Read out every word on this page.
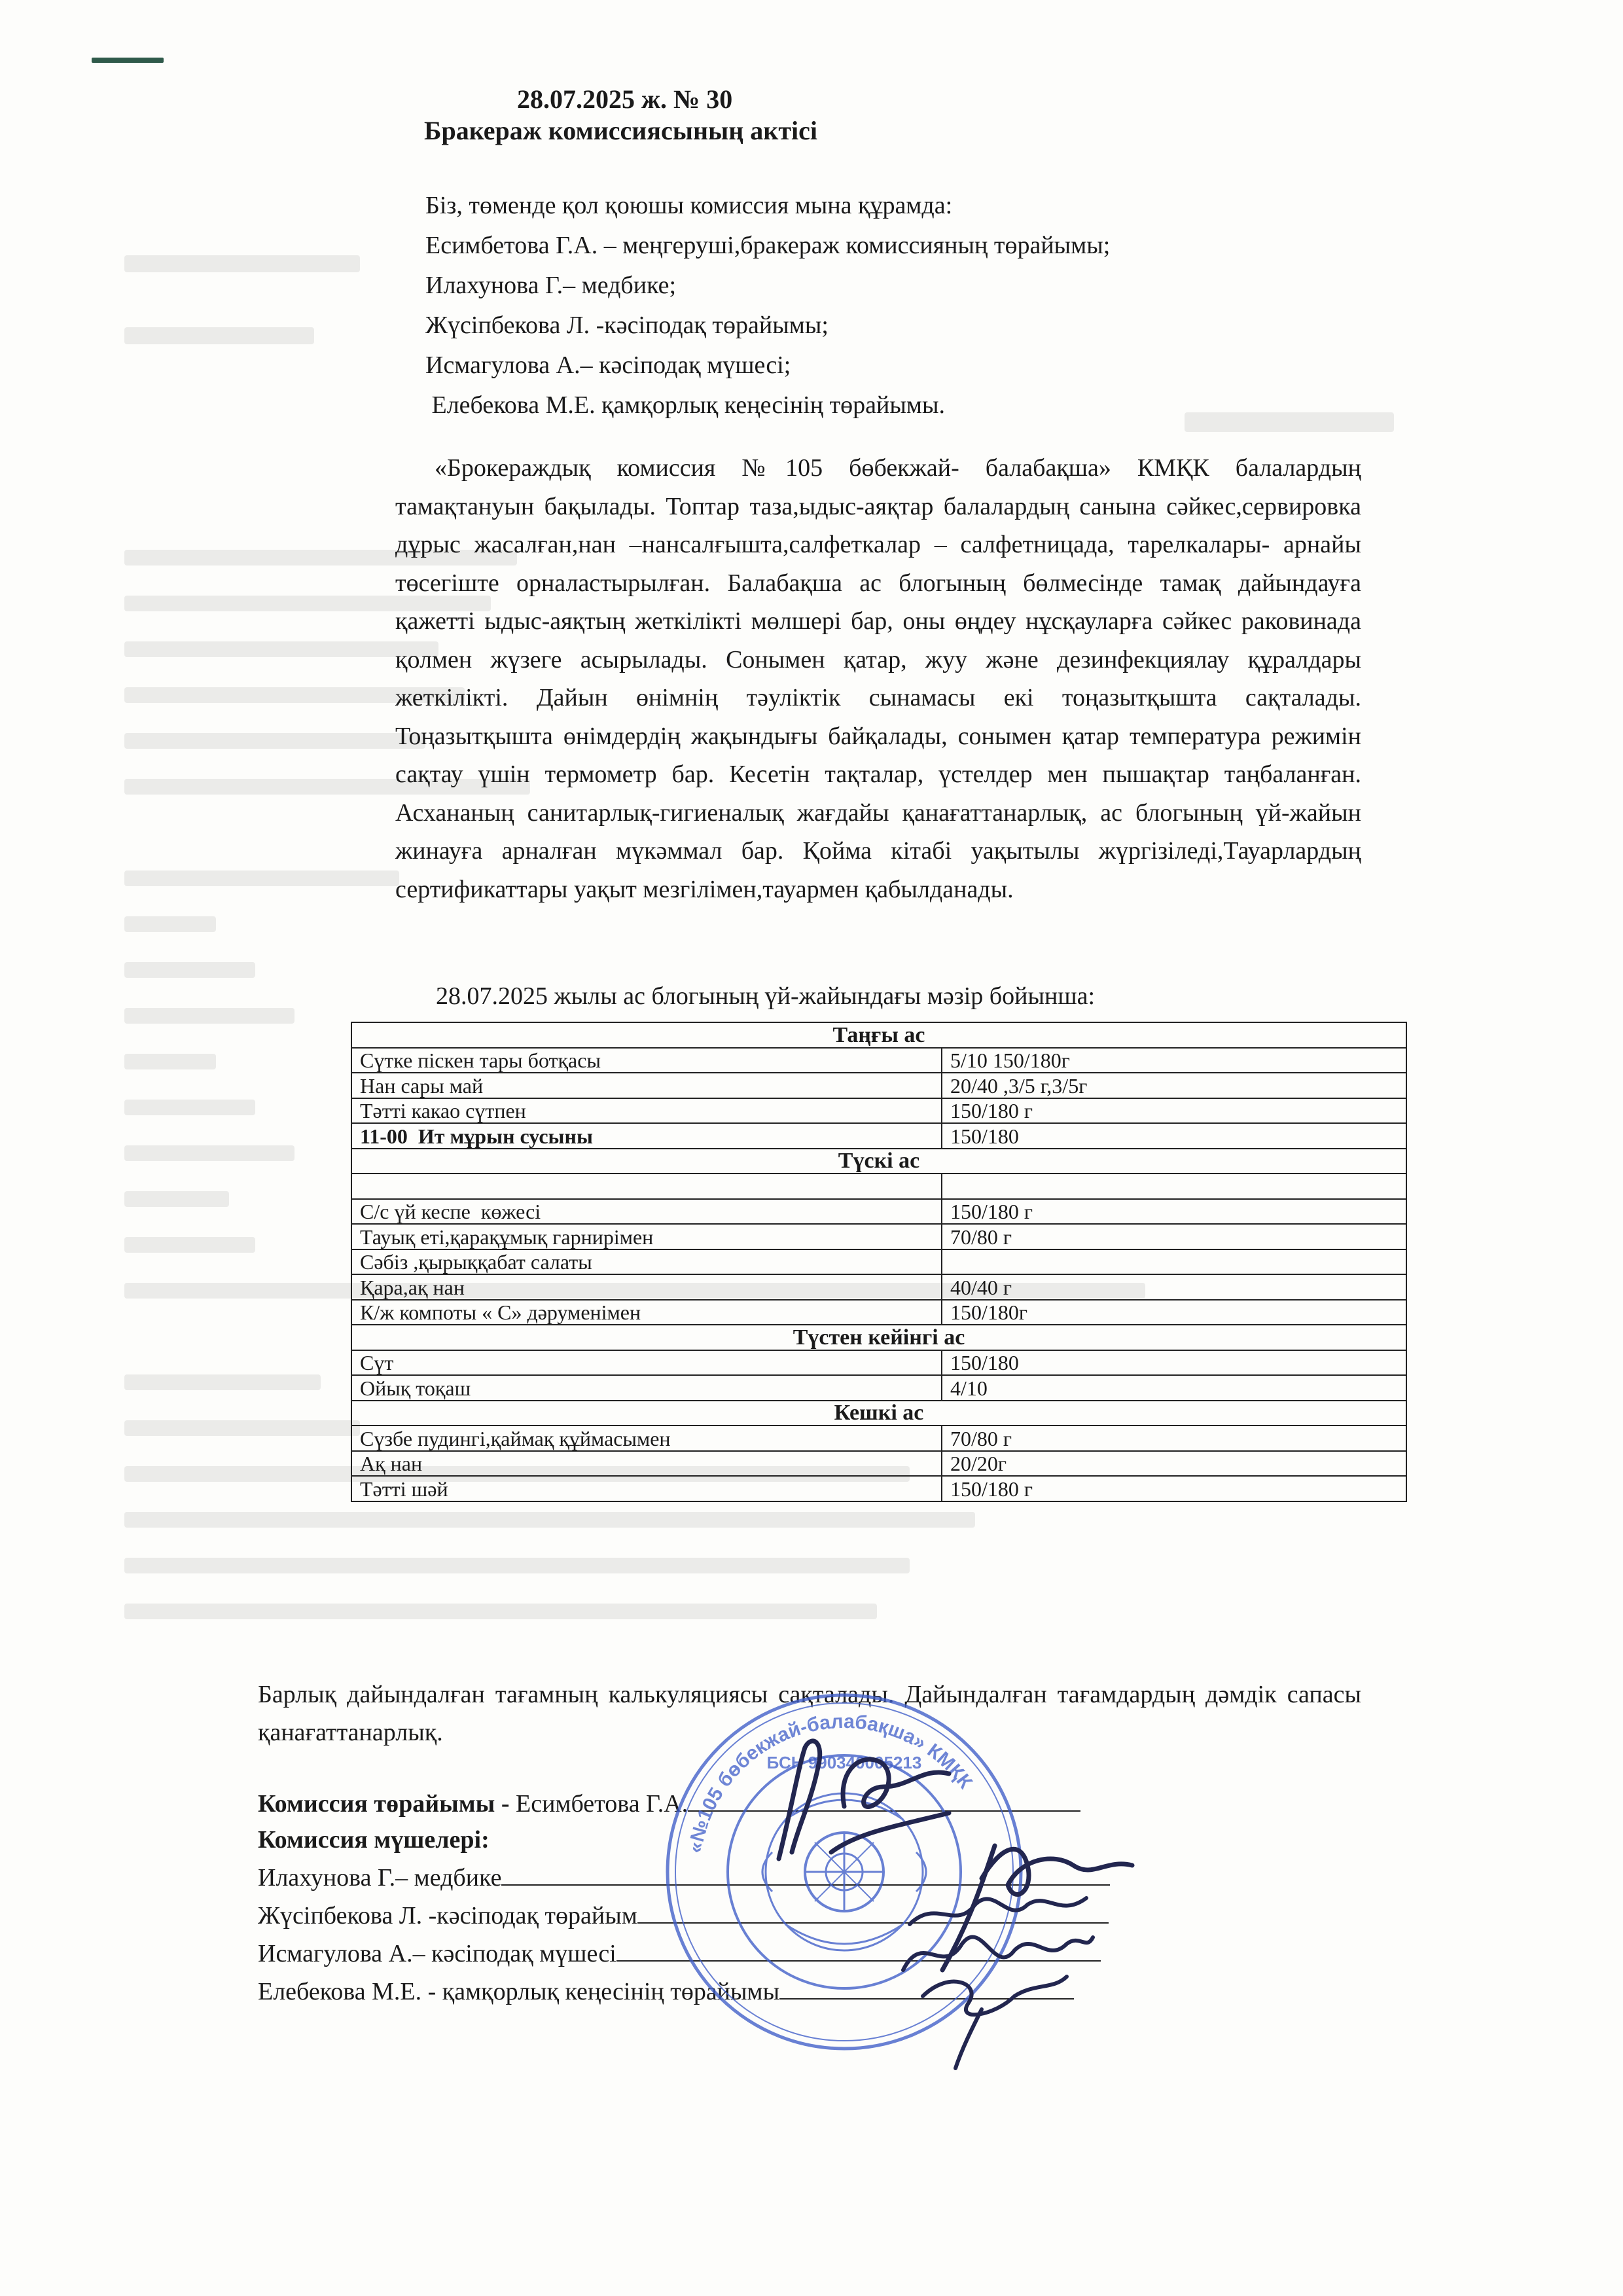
28.07.2025 ж. № 30
Бракераж комиссиясының актісі
Біз, төменде қол қоюшы комиссия мына құрамда:
Есимбетова Г.А. – меңгеруші,бракераж комиссияның төрайымы;
Илахунова Г.– медбике;
Жүсіпбекова Л. -кәсіподақ төрайымы;
Исмагулова А.– кәсіподақ мүшесі;
Елебекова М.Е. қамқорлық кеңесінің төрайымы.
«Брокераждық комиссия №105 бөбекжай- балабақша» КМҚК балалардың тамақтануын бақылады. Топтар таза,ыдыс-аяқтар балалардың санына сәйкес,сервировка дұрыс жасалған,нан –нансалғышта,салфеткалар – салфетницада, тарелкалары- арнайы төсегіште орналастырылған. Балабақша ас блогының бөлмесінде тамақ дайындауға қажетті ыдыс-аяқтың жеткілікті мөлшері бар, оны өңдеу нұсқауларға сәйкес раковинада қолмен жүзеге асырылады. Сонымен қатар, жуу және дезинфекциялау құралдары жеткілікті. Дайын өнімнің тәуліктік сынамасы екі тоңазытқышта сақталады. Тоңазытқышта өнімдердің жақындығы байқалады, сонымен қатар температура режимін сақтау үшін термометр бар. Кесетін тақталар, үстелдер мен пышақтар таңбаланған. Асхананың санитарлық-гигиеналық жағдайы қанағаттанарлық, ас блогының үй-жайын жинауға арналған мүкәммал бар. Қойма кітабі уақытылы жүргізіледі,Тауарлардың сертификаттары уақыт мезгілімен,тауармен қабылданады.
28.07.2025 жылы ас блогының үй-жайындағы мәзір бойынша:
Таңғы ас	
Сүтке піскен тары ботқасы	5/10 150/180г
Нан сары май	20/40 ,3/5 г,3/5г
Тәтті какао сүтпен	150/180 г
11-00  Ит мұрын сусыны	150/180
Түскі ас	

С/с үй кеспе  көжесі	150/180 г
Тауық еті,қарақұмық гарнирімен	70/80 г
Сәбіз ,қырыққабат салаты	
Қара,ақ нан	40/40 г
К/ж компоты « С» дәруменімен	150/180г
Түстен кейінгі ас	
Сүт	150/180
Ойық тоқаш	4/10
Кешкі ас	
Сүзбе пудингі,қаймақ құймасымен	70/80 г
Ақ нан	20/20г
Тәтті шәй	150/180 г
Барлық дайындалған тағамның калькуляциясы сақталады. Дайындалған тағамдардың дәмдік сапасы қанағаттанарлық.
Комиссия төрайымы - Есимбетова Г.А.
Комиссия мүшелері:
Илахунова Г.– медбике
Жүсіпбекова Л. -кәсіподақ төрайым
Исмагулова А.– кәсіподақ мүшесі
Елебекова М.Е. - қамқорлық кеңесінің төрайымы
«№105 бөбекжай-балабақша» КМҚК
БСН 990340005213
